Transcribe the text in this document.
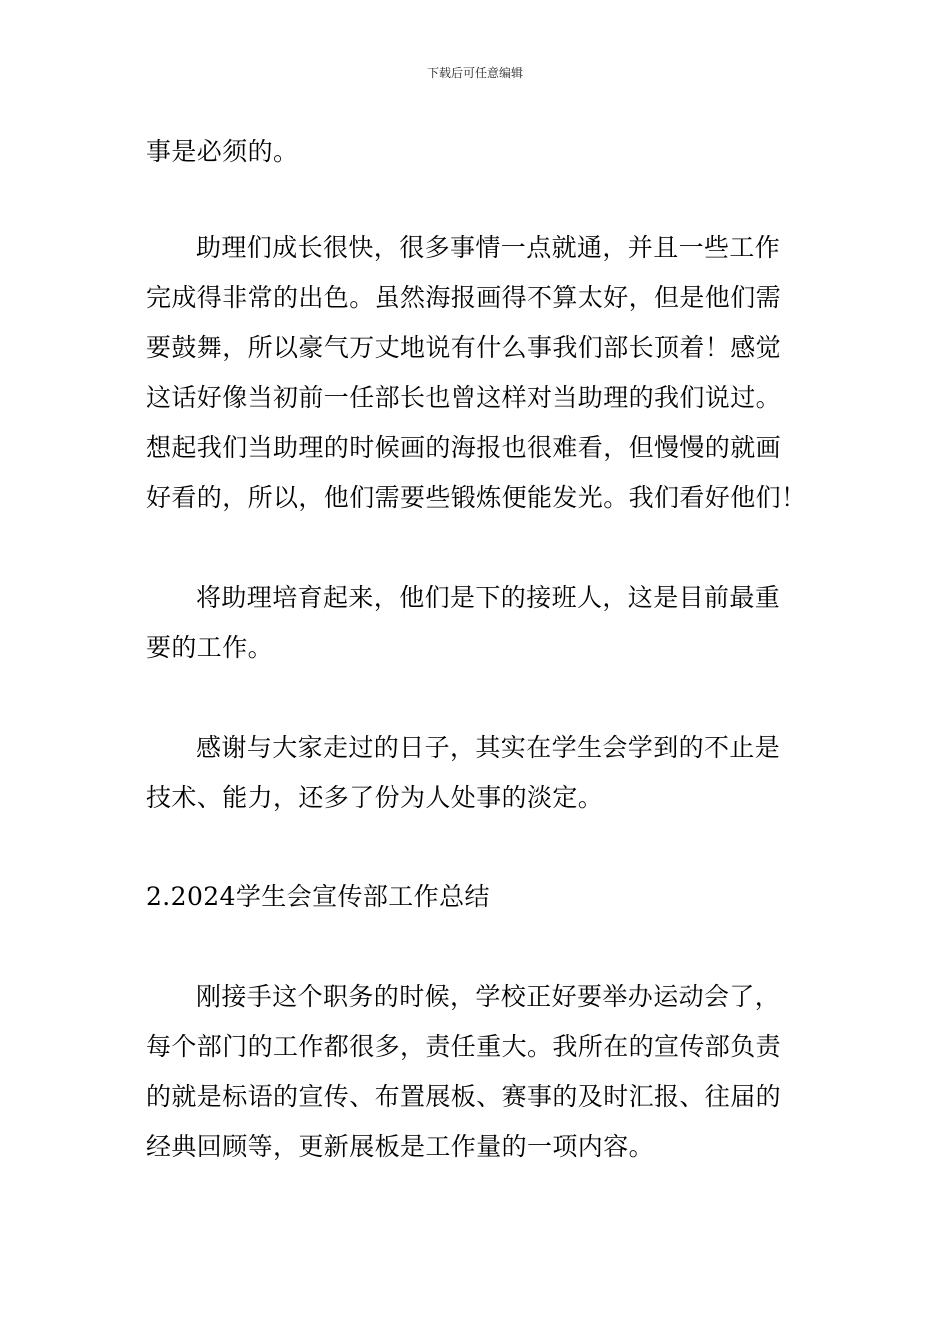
下载后可任意编辑
事是必须的。
助理们成长很快，很多事情一点就通，并且一些工作
完成得非常的出色。虽然海报画得不算太好，但是他们需
要鼓舞，所以豪气万丈地说有什么事我们部长顶着！感觉
这话好像当初前一任部长也曾这样对当助理的我们说过。
想起我们当助理的时候画的海报也很难看，但慢慢的就画
好看的，所以，他们需要些锻炼便能发光。我们看好他们！
将助理培育起来，他们是下的接班人，这是目前最重
要的工作。
感谢与大家走过的日子，其实在学生会学到的不止是
技术、能力，还多了份为人处事的淡定。
2.2024学生会宣传部工作总结
刚接手这个职务的时候，学校正好要举办运动会了，
每个部门的工作都很多，责任重大。我所在的宣传部负责
的就是标语的宣传、布置展板、赛事的及时汇报、往届的
经典回顾等，更新展板是工作量的一项内容。
